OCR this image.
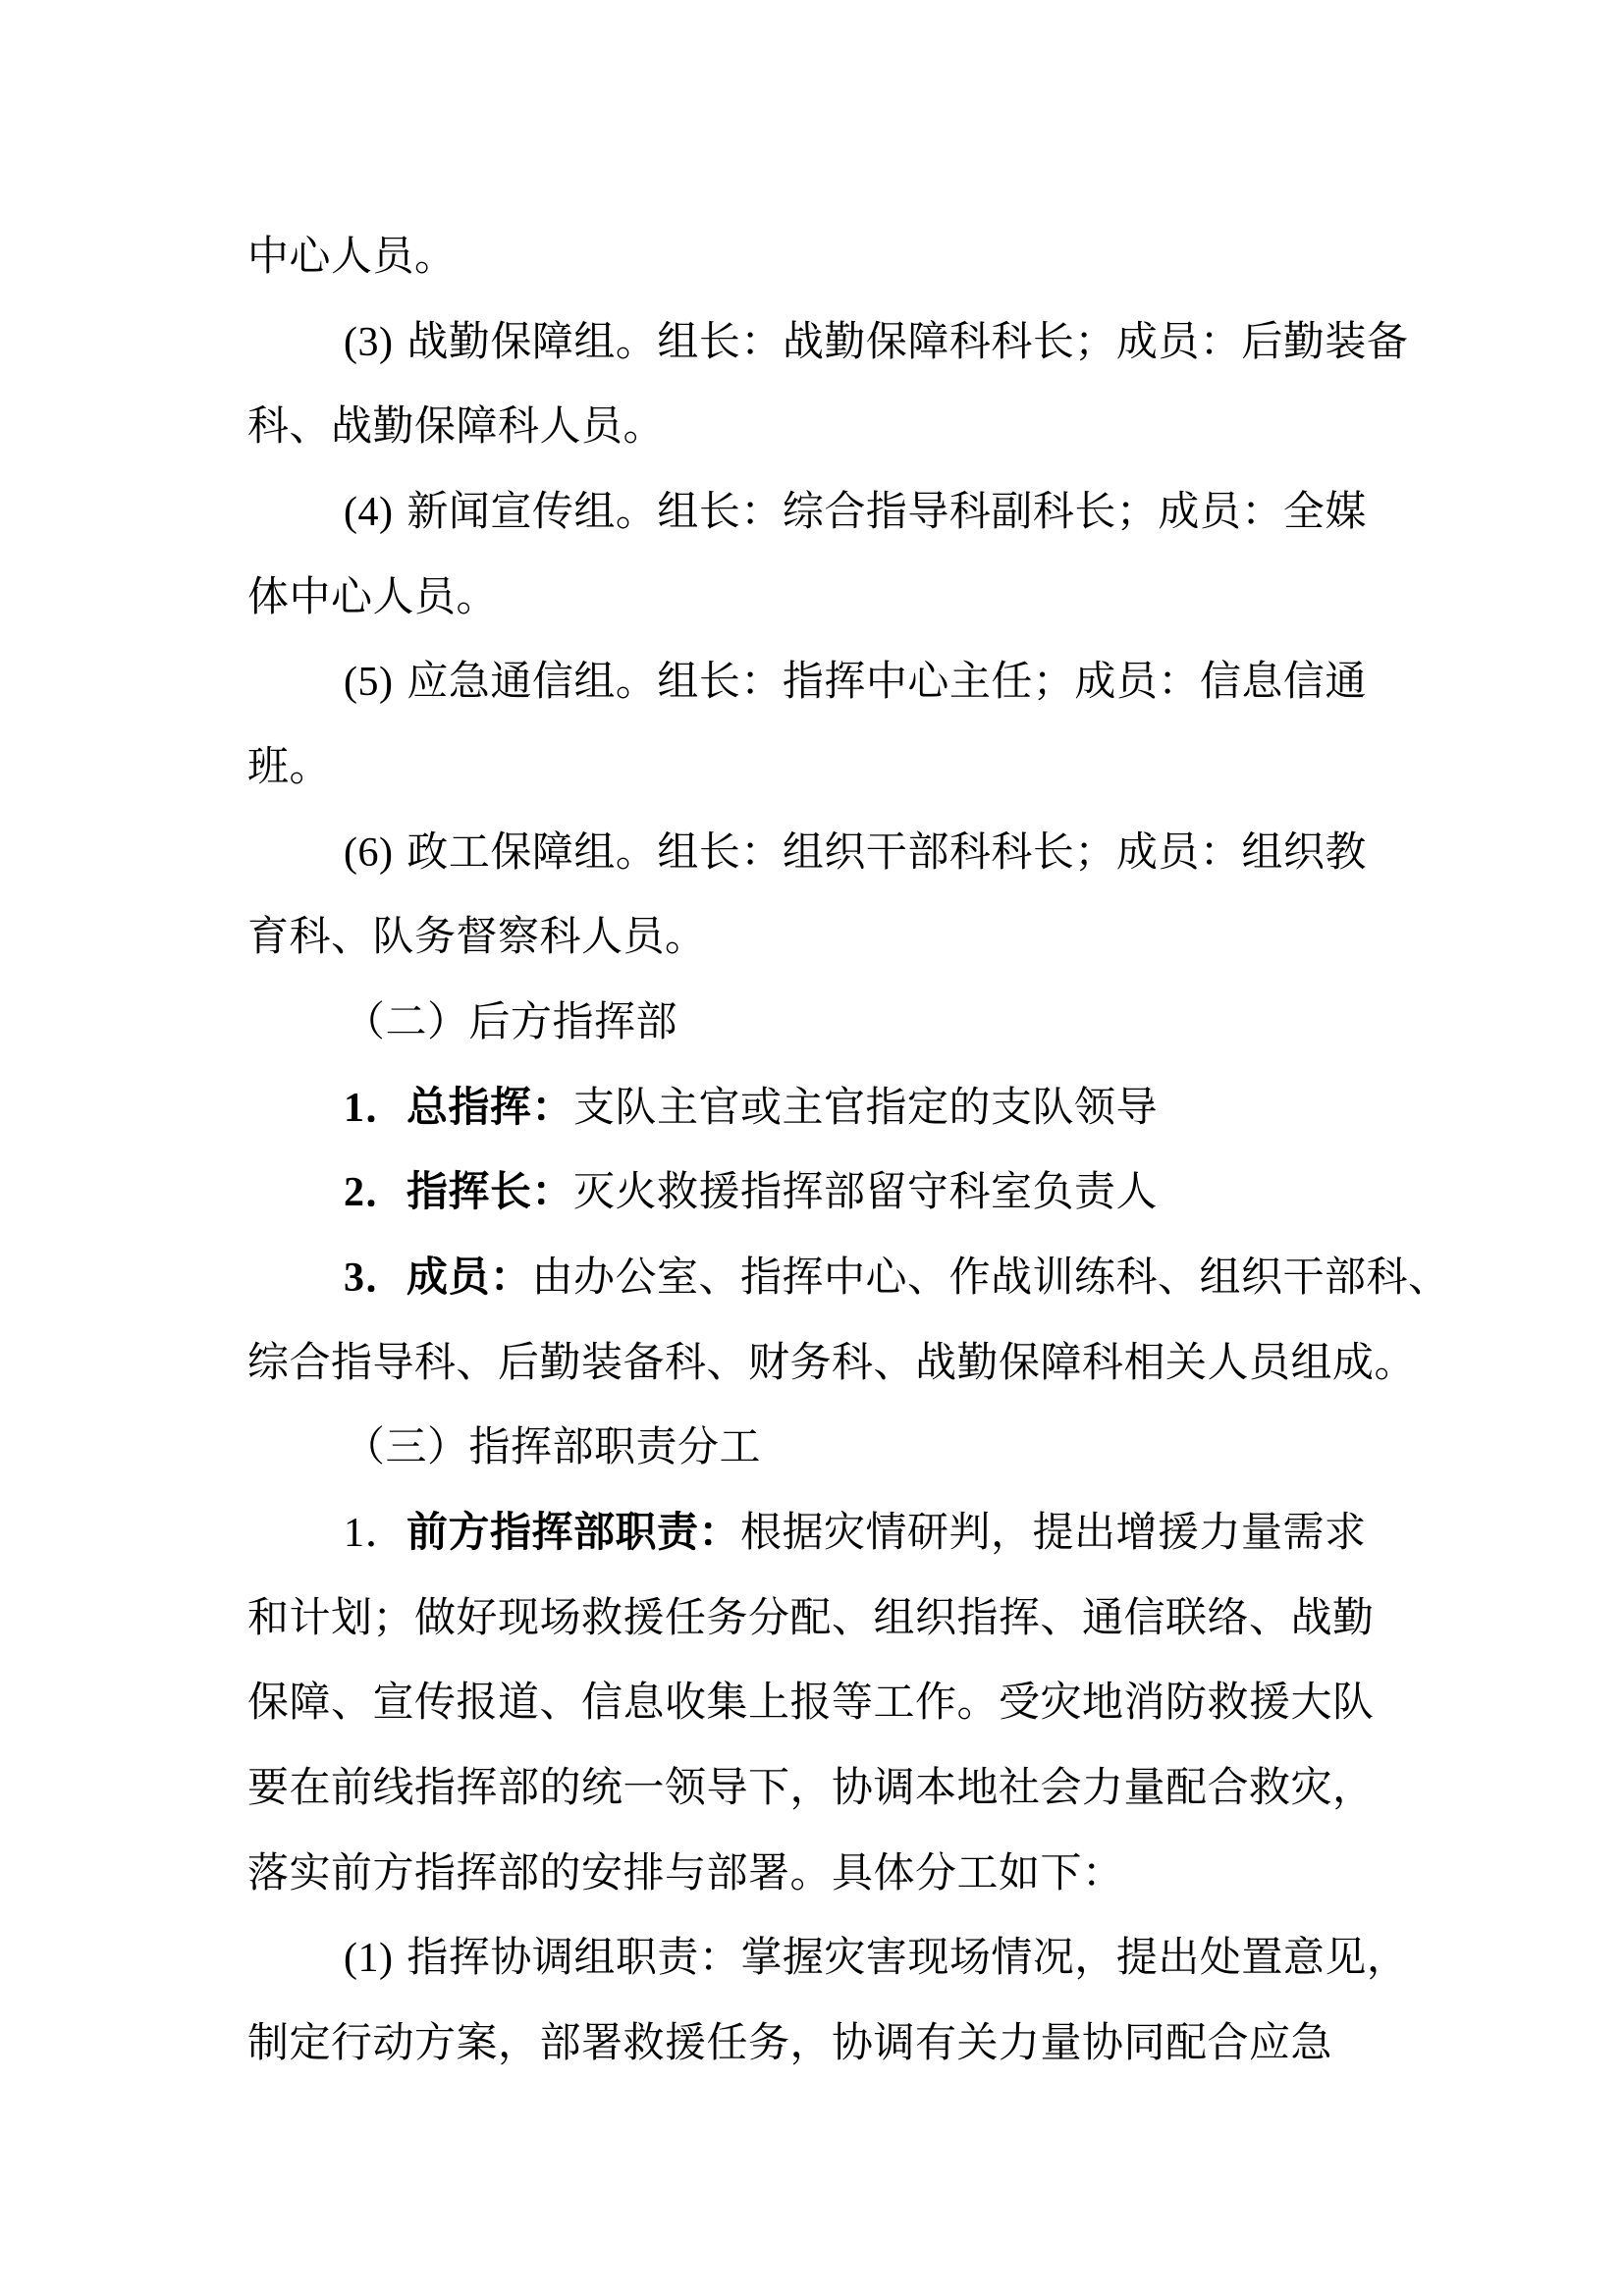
中心人员。
(3) 战勤保障组。组长：战勤保障科科长；成员：后勤装备
科、战勤保障科人员。
(4) 新闻宣传组。组长：综合指导科副科长；成员：全媒
体中心人员。
(5) 应急通信组。组长：指挥中心主任；成员：信息信通
班。
(6) 政工保障组。组长：组织干部科科长；成员：组织教
育科、队务督察科人员。
（二）后方指挥部
1．总指挥：支队主官或主官指定的支队领导
2．指挥长：灭火救援指挥部留守科室负责人
3．成员：由办公室、指挥中心、作战训练科、组织干部科、
综合指导科、后勤装备科、财务科、战勤保障科相关人员组成。
（三）指挥部职责分工
1．前方指挥部职责：根据灾情研判，提出增援力量需求
和计划；做好现场救援任务分配、组织指挥、通信联络、战勤
保障、宣传报道、信息收集上报等工作。受灾地消防救援大队
要在前线指挥部的统一领导下，协调本地社会力量配合救灾，
落实前方指挥部的安排与部署。具体分工如下：
(1) 指挥协调组职责：掌握灾害现场情况，提出处置意见，
制定行动方案，部署救援任务，协调有关力量协同配合应急
